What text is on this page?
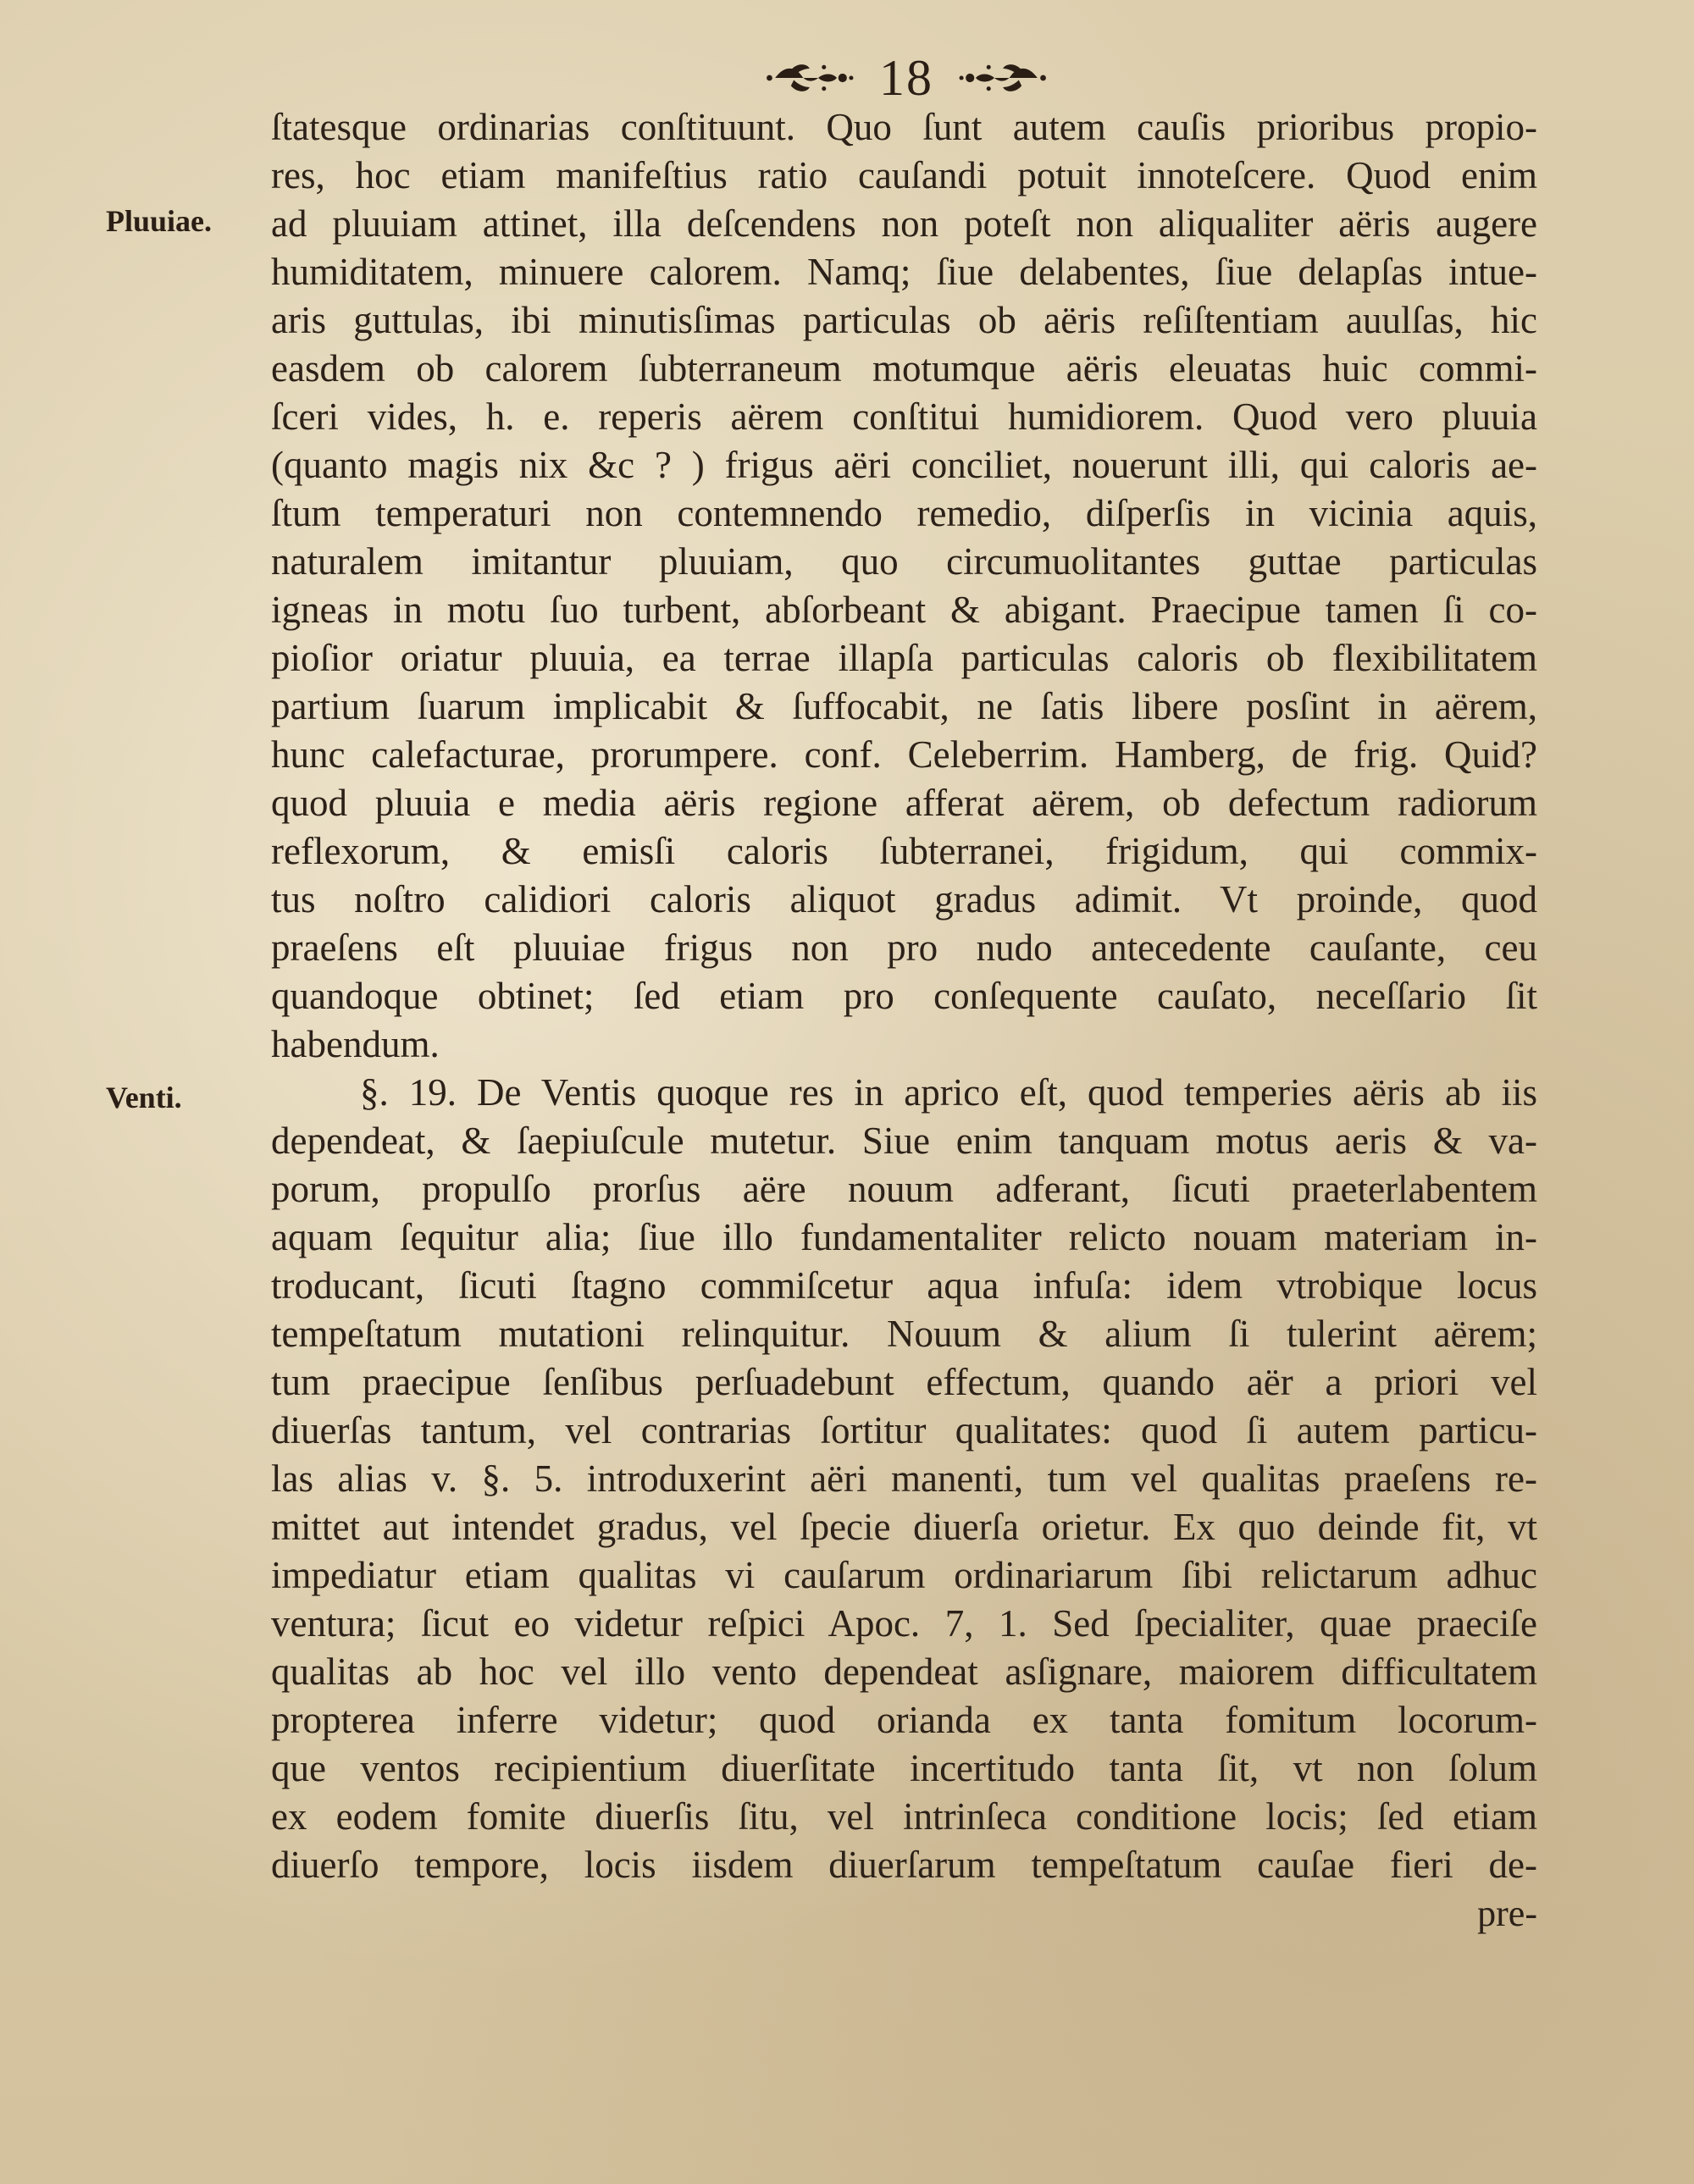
18
Pluuiae.
Venti.
ſtatesque ordinarias conſtituunt. Quo ſunt autem cauſis prioribus propio-
res, hoc etiam manifeſtius ratio cauſandi potuit innoteſcere. Quod enim
ad pluuiam attinet, illa deſcendens non poteſt non aliqualiter aëris augere
humiditatem, minuere calorem. Namq; ſiue delabentes, ſiue delapſas intue-
aris guttulas, ibi minutisſimas particulas ob aëris reſiſtentiam auulſas, hic
easdem ob calorem ſubterraneum motumque aëris eleuatas huic commi-
ſceri vides, h. e. reperis aërem conſtitui humidiorem. Quod vero pluuia
(quanto magis nix &c ? ) frigus aëri conciliet, nouerunt illi, qui caloris ae-
ſtum temperaturi non contemnendo remedio, diſperſis in vicinia aquis,
naturalem imitantur pluuiam, quo circumuolitantes guttae particulas
igneas in motu ſuo turbent, abſorbeant & abigant. Praecipue tamen ſi co-
pioſior oriatur pluuia, ea terrae illapſa particulas caloris ob flexibilitatem
partium ſuarum implicabit & ſuffocabit, ne ſatis libere posſint in aërem,
hunc calefacturae, prorumpere. conf. Celeberrim. Hamberg, de frig. Quid?
quod pluuia e media aëris regione afferat aërem, ob defectum radiorum
reflexorum, & emisſi caloris ſubterranei, frigidum, qui commix-
tus noſtro calidiori caloris aliquot gradus adimit. Vt proinde, quod
praeſens eſt pluuiae frigus non pro nudo antecedente cauſante, ceu
quandoque obtinet; ſed etiam pro conſequente cauſato, neceſſario ſit
habendum.
§. 19. De Ventis quoque res in aprico eſt, quod temperies aëris ab iis
dependeat, & ſaepiuſcule mutetur. Siue enim tanquam motus aeris & va-
porum, propulſo prorſus aëre nouum adferant, ſicuti praeterlabentem
aquam ſequitur alia; ſiue illo fundamentaliter relicto nouam materiam in-
troducant, ſicuti ſtagno commiſcetur aqua infuſa: idem vtrobique locus
tempeſtatum mutationi relinquitur. Nouum & alium ſi tulerint aërem;
tum praecipue ſenſibus perſuadebunt effectum, quando aër a priori vel
diuerſas tantum, vel contrarias ſortitur qualitates: quod ſi autem particu-
las alias v. §. 5. introduxerint aëri manenti, tum vel qualitas praeſens re-
mittet aut intendet gradus, vel ſpecie diuerſa orietur. Ex quo deinde fit, vt
impediatur etiam qualitas vi cauſarum ordinariarum ſibi relictarum adhuc
ventura; ſicut eo videtur reſpici Apoc. 7, 1. Sed ſpecialiter, quae praeciſe
qualitas ab hoc vel illo vento dependeat asſignare, maiorem difficultatem
propterea inferre videtur; quod orianda ex tanta fomitum locorum-
que ventos recipientium diuerſitate incertitudo tanta ſit, vt non ſolum
ex eodem fomite diuerſis ſitu, vel intrinſeca conditione locis; ſed etiam
diuerſo tempore, locis iisdem diuerſarum tempeſtatum cauſae fieri de-
pre-
